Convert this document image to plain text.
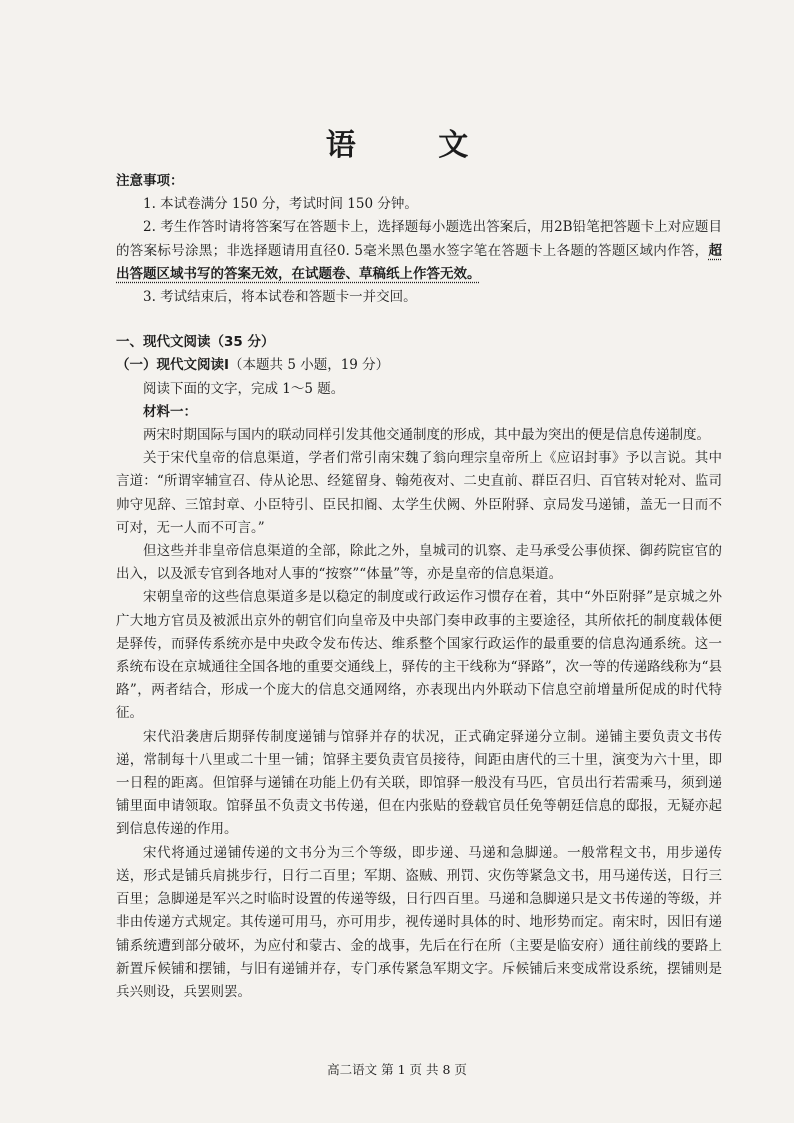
语 文
注意事项：

1. 本试卷满分 150 分，考试时间 150 分钟。

2. 考生作答时请将答案写在答题卡上，选择题每小题选出答案后，用2B铅笔把答题卡上对应题目的答案标号涂黑；非选择题请用直径0. 5毫米黑色墨水签字笔在答题卡上各题的答题区域内作答，超出答题区域书写的答案无效，在试题卷、草稿纸上作答无效。

3. 考试结束后，将本试卷和答题卡一并交回。

一、现代文阅读（35 分）
（一）现代文阅读Ⅰ（本题共 5 小题，19 分）

阅读下面的文字，完成 1～5 题。

材料一：

两宋时期国际与国内的联动同样引发其他交通制度的形成，其中最为突出的便是信息传递制度。

关于宋代皇帝的信息渠道，学者们常引南宋魏了翁向理宗皇帝所上《应诏封事》予以言说。其中言道：“所谓宰辅宣召、侍从论思、经筵留身、翰苑夜对、二史直前、群臣召归、百官转对轮对、监司帅守见辞、三馆封章、小臣特引、臣民扣阍、太学生伏阙、外臣附驿、京局发马递铺，盖无一日而不可对，无一人而不可言。”

但这些并非皇帝信息渠道的全部，除此之外，皇城司的讥察、走马承受公事侦探、御药院宦官的出入，以及派专官到各地对人事的“按察”“体量”等，亦是皇帝的信息渠道。

宋朝皇帝的这些信息渠道多是以稳定的制度或行政运作习惯存在着，其中“外臣附驿”是京城之外广大地方官员及被派出京外的朝官们向皇帝及中央部门奏申政事的主要途径，其所依托的制度载体便是驿传，而驿传系统亦是中央政令发布传达、维系整个国家行政运作的最重要的信息沟通系统。这一系统布设在京城通往全国各地的重要交通线上，驿传的主干线称为“驿路”，次一等的传递路线称为“县路”，两者结合，形成一个庞大的信息交通网络，亦表现出内外联动下信息空前增量所促成的时代特征。

宋代沿袭唐后期驿传制度递铺与馆驿并存的状况，正式确定驿递分立制。递铺主要负责文书传递，常制每十八里或二十里一铺；馆驿主要负责官员接待，间距由唐代的三十里，演变为六十里，即一日程的距离。但馆驿与递铺在功能上仍有关联，即馆驿一般没有马匹，官员出行若需乘马，须到递铺里面申请领取。馆驿虽不负责文书传递，但在内张贴的登载官员任免等朝廷信息的邸报，无疑亦起到信息传递的作用。

宋代将通过递铺传递的文书分为三个等级，即步递、马递和急脚递。一般常程文书，用步递传送，形式是铺兵肩挑步行，日行二百里；军期、盗贼、刑罚、灾伤等紧急文书，用马递传送，日行三百里；急脚递是军兴之时临时设置的传递等级，日行四百里。马递和急脚递只是文书传递的等级，并非由传递方式规定。其传递可用马，亦可用步，视传递时具体的时、地形势而定。南宋时，因旧有递铺系统遭到部分破坏，为应付和蒙古、金的战事，先后在行在所（主要是临安府）通往前线的要路上新置斥候铺和摆铺，与旧有递铺并存，专门承传紧急军期文字。斥候铺后来变成常设系统，摆铺则是兵兴则设，兵罢则罢。

高二语文 第 1 页 共 8 页
